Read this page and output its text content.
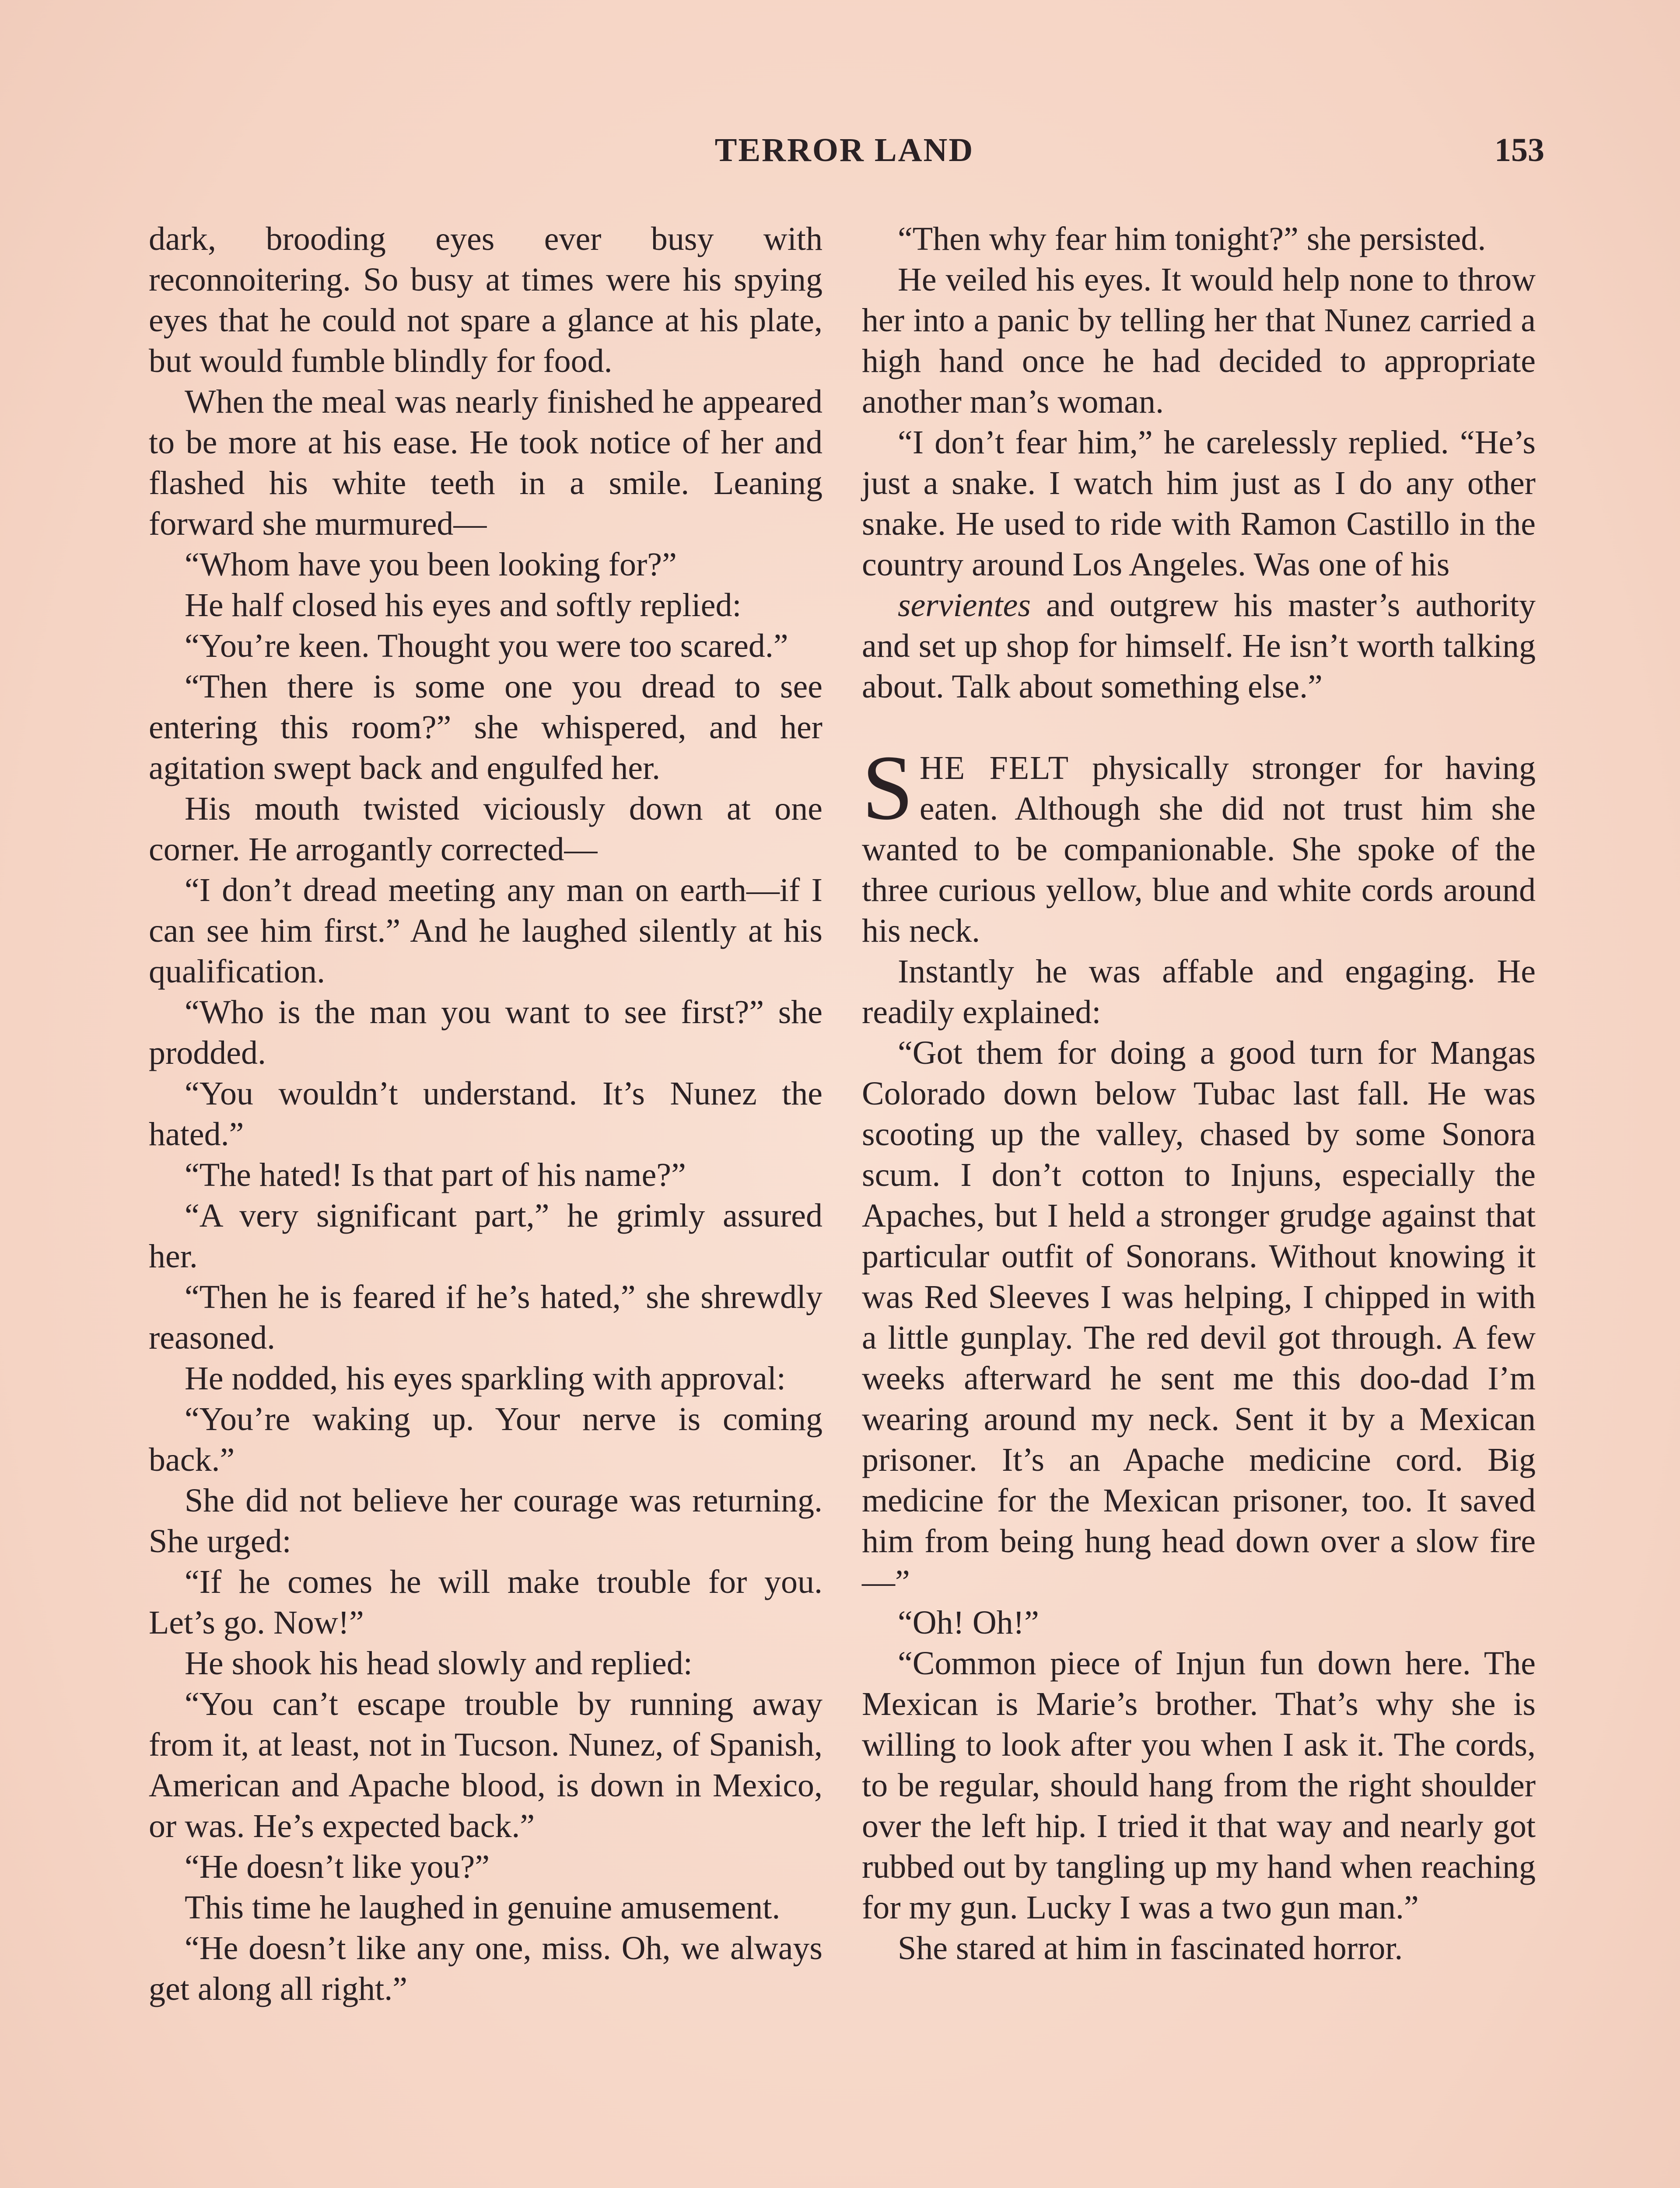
TERROR LAND	153

dark, brooding eyes ever busy with reconnoitering. So busy at times were his spying eyes that he could not spare a glance at his plate, but would fumble blindly for food.

When the meal was nearly finished he appeared to be more at his ease. He took notice of her and flashed his white teeth in a smile. Leaning forward she murmured—

“Whom have you been looking for?”

He half closed his eyes and softly replied:

“You’re keen. Thought you were too scared.”

“Then there is some one you dread to see entering this room?” she whispered, and her agitation swept back and engulfed her.

His mouth twisted viciously down at one corner. He arrogantly corrected—

“I don’t dread meeting any man on earth—if I can see him first.” And he laughed silently at his qualification.

“Who is the man you want to see first?” she prodded.

“You wouldn’t understand. It’s Nunez the hated.”

“The hated! Is that part of his name?”

“A very significant part,” he grimly assured her.

“Then he is feared if he’s hated,” she shrewdly reasoned.

He nodded, his eyes sparkling with approval:

“You’re waking up. Your nerve is coming back.”

She did not believe her courage was returning. She urged:

“If he comes he will make trouble for you. Let’s go. Now!”

He shook his head slowly and replied:

“You can’t escape trouble by running away from it, at least, not in Tucson. Nunez, of Spanish, American and Apache blood, is down in Mexico, or was. He’s expected back.”

“He doesn’t like you?”

This time he laughed in genuine amusement.

“He doesn’t like any one, miss. Oh, we always get along all right.”

“Then why fear him tonight?” she persisted.

He veiled his eyes. It would help none to throw her into a panic by telling her that Nunez carried a high hand once he had decided to appropriate another man’s woman.

“I don’t fear him,” he carelessly replied. “He’s just a snake. I watch him just as I do any other snake. He used to ride with Ramon Castillo in the country around Los Angeles. Was one of his

servientes and outgrew his master’s authority and set up shop for himself. He isn’t worth talking about. Talk about something else.”

SHE FELT physically stronger for having eaten. Although she did not trust him she wanted to be companionable. She spoke of the three curious yellow, blue and white cords around his neck.

Instantly he was affable and engaging. He readily explained:

“Got them for doing a good turn for Mangas Colorado down below Tubac last fall. He was scooting up the valley, chased by some Sonora scum. I don’t cotton to Injuns, especially the Apaches, but I held a stronger grudge against that particular outfit of Sonorans. Without knowing it was Red Sleeves I was helping, I chipped in with a little gunplay. The red devil got through. A few weeks afterward he sent me this doo-dad I’m wearing around my neck. Sent it by a Mexican prisoner. It’s an Apache medicine cord. Big medicine for the Mexican prisoner, too. It saved him from being hung head down over a slow fire—”

“Oh! Oh!”

“Common piece of Injun fun down here. The Mexican is Marie’s brother. That’s why she is willing to look after you when I ask it. The cords, to be regular, should hang from the right shoulder over the left hip. I tried it that way and nearly got rubbed out by tangling up my hand when reaching for my gun. Lucky I was a two gun man.”

She stared at him in fascinated horror.
